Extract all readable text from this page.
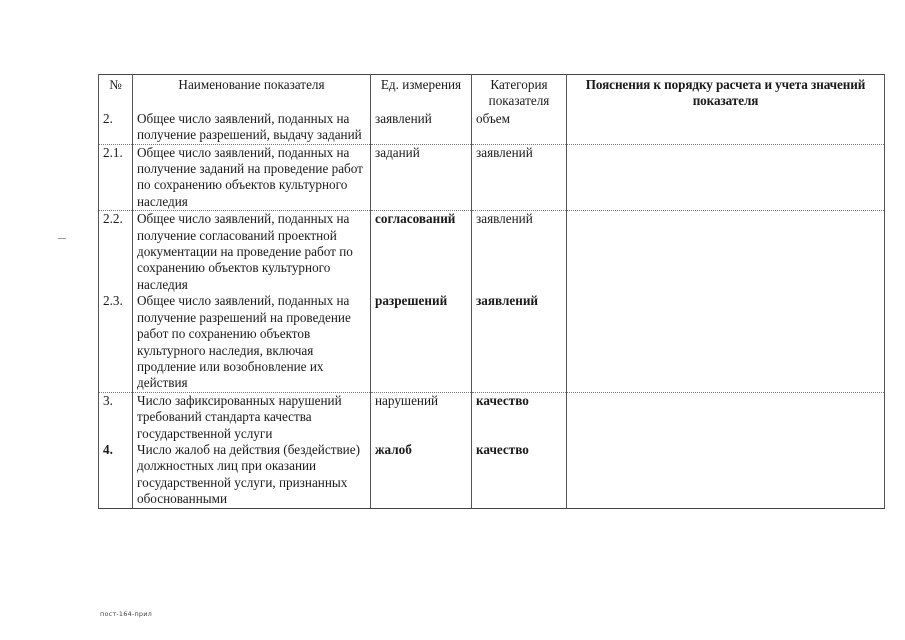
№	Наименование показателя	Ед. измерения	Категория показателя	Пояснения к порядку расчета и учета значений показателя
2.	Общее число заявлений, поданных на получение разрешений, выдачу заданий	заявлений	объем	
2.1.	Общее число заявлений, поданных на получение заданий на проведение работ по сохранению объектов культурного наследия	заданий	заявлений	
2.2.	Общее число заявлений, поданных на получение согласований проектной документации на проведение работ по сохранению объектов культурного наследия	согласований	заявлений	
2.3.	Общее число заявлений, поданных на получение разрешений на проведение работ по сохранению объектов культурного наследия, включая продление или возобновление их действия	разрешений	заявлений	
3.	Число зафиксированных нарушений требований стандарта качества государственной услуги	нарушений	качество	
4.	Число жалоб на действия (бездействие) должностных лиц при оказании государственной услуги, признанных обоснованными	жалоб	качество	
пост-164-прил
